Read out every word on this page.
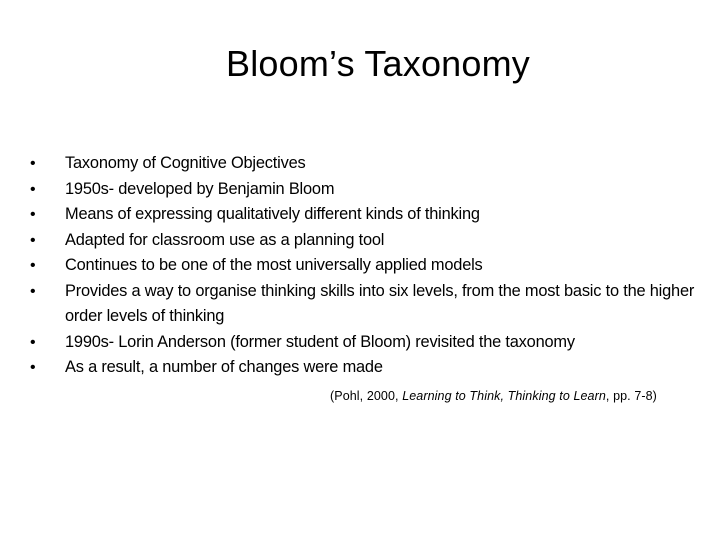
Bloom’s Taxonomy
•	Taxonomy of Cognitive Objectives
•	1950s- developed by Benjamin Bloom
•	Means of expressing qualitatively different kinds of thinking
•	Adapted for classroom use as a planning tool
•	Continues to be one of the most universally applied models
•	Provides a way to organise thinking skills into six levels, from the most basic to the higher order levels of thinking
•	1990s- Lorin Anderson (former student of Bloom) revisited the taxonomy
•	As a result, a number of changes were made
(Pohl, 2000, Learning to Think, Thinking to Learn, pp. 7-8)
